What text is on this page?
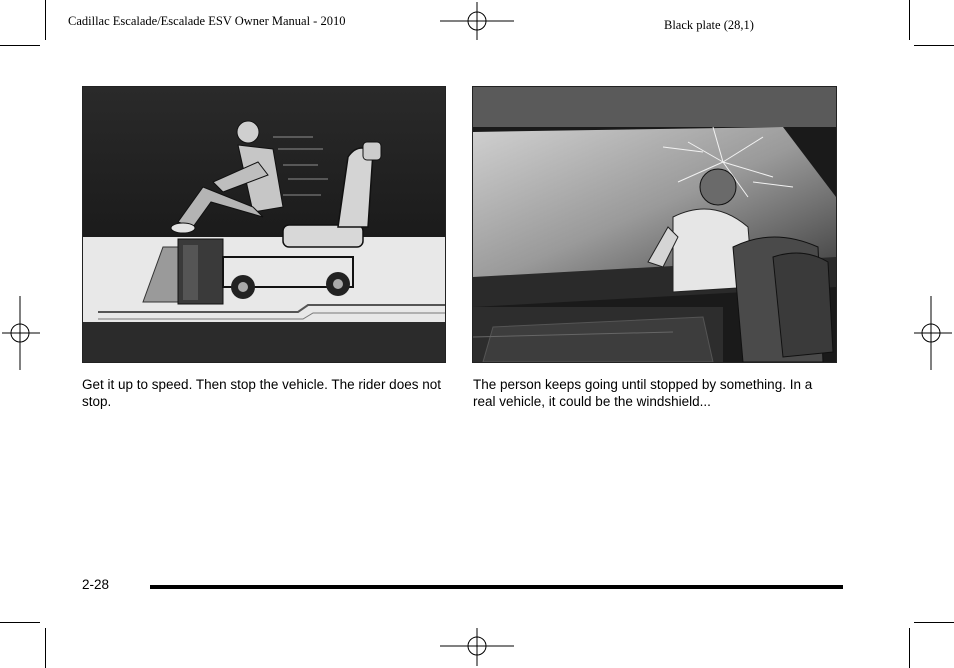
Cadillac Escalade/Escalade ESV Owner Manual - 2010	Black plate (28,1)
Get it up to speed. Then stop the vehicle. The rider does not stop.
The person keeps going until stopped by something. In a real vehicle, it could be the windshield...
2-28
